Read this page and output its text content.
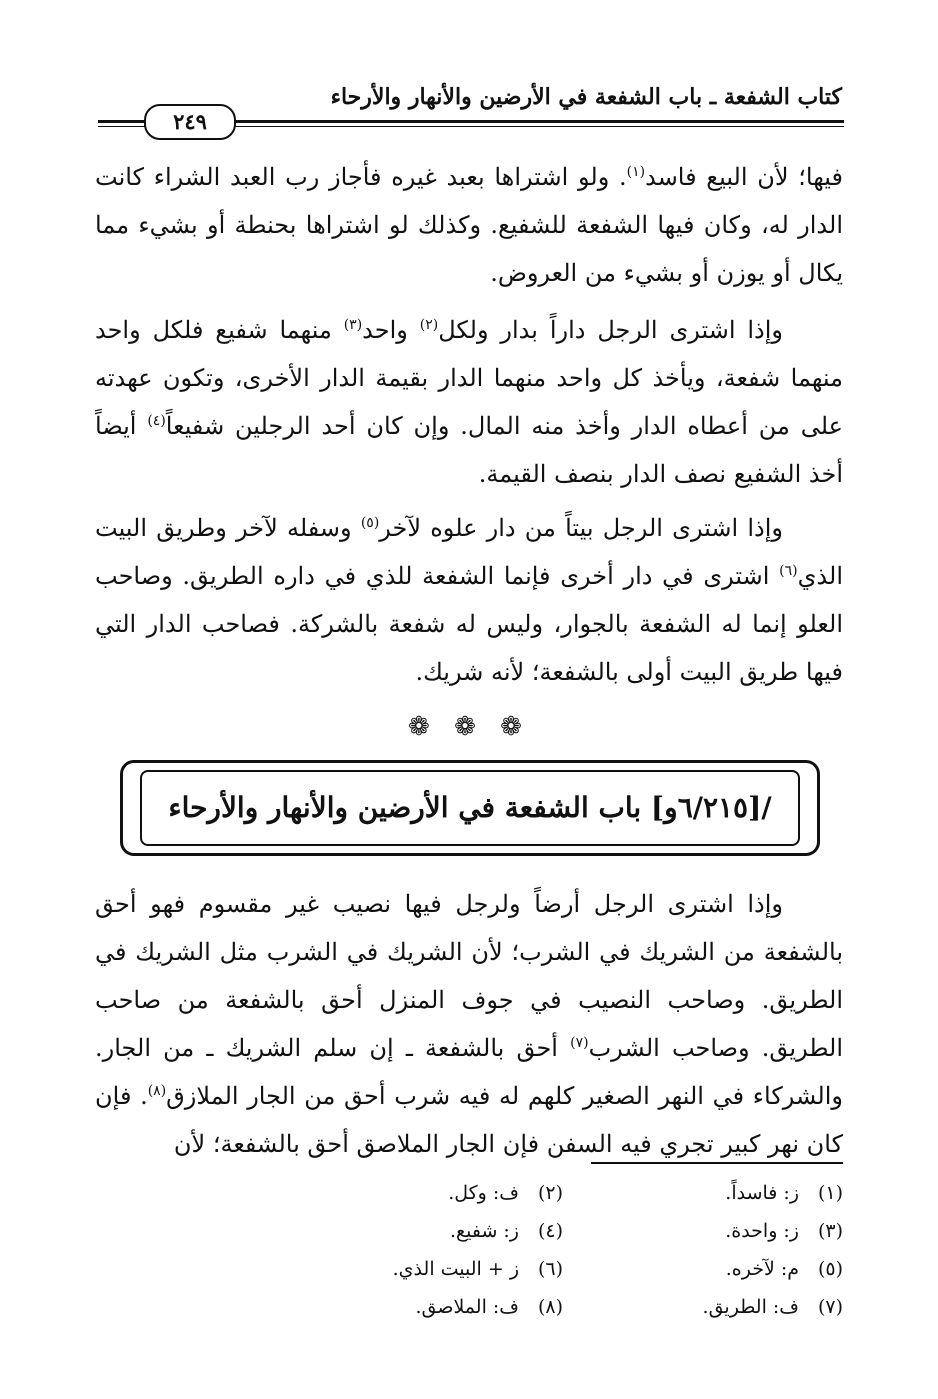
كتاب الشفعة ـ باب الشفعة في الأرضين والأنهار والأرحاء
٢٤٩
فيها؛ لأن البيع فاسد$^{(١)}$. ولو اشتراها بعبد غيره فأجاز رب العبد الشراء كانت الدار له، وكان فيها الشفعة للشفيع. وكذلك لو اشتراها بحنطة أو بشيء مما يكال أو يوزن أو بشيء من العروض.
وإذا اشترى الرجل داراً بدار ولكل$^{(٢)}$ واحد$^{(٣)}$ منهما شفيع فلكل واحد منهما شفعة، ويأخذ كل واحد منهما الدار بقيمة الدار الأخرى، وتكون عهدته على من أعطاه الدار وأخذ منه المال. وإن كان أحد الرجلين شفيعاً$^{(٤)}$ أيضاً أخذ الشفيع نصف الدار بنصف القيمة.
وإذا اشترى الرجل بيتاً من دار علوه لآخر$^{(٥)}$ وسفله لآخر وطريق البيت الذي$^{(٦)}$ اشترى في دار أخرى فإنما الشفعة للذي في داره الطريق. وصاحب العلو إنما له الشفعة بالجوار، وليس له شفعة بالشركة. فصاحب الدار التي فيها طريق البيت أولى بالشفعة؛ لأنه شريك.
❁ ❁ ❁
/[٦/٢١٥و] باب الشفعة في الأرضين والأنهار والأرحاء
وإذا اشترى الرجل أرضاً ولرجل فيها نصيب غير مقسوم فهو أحق بالشفعة من الشريك في الشرب؛ لأن الشريك في الشرب مثل الشريك في الطريق. وصاحب النصيب في جوف المنزل أحق بالشفعة من صاحب الطريق. وصاحب الشرب$^{(٧)}$ أحق بالشفعة ـ إن سلم الشريك ـ من الجار. والشركاء في النهر الصغير كلهم له فيه شرب أحق من الجار الملازق$^{(٨)}$. فإن كان نهر كبير تجري فيه السفن فإن الجار الملاصق أحق بالشفعة؛ لأن
(١)ز: فاسداً.
(٢)ف: وكل.
(٣)ز: واحدة.
(٤)ز: شفيع.
(٥)م: لآخره.
(٦)ز + البيت الذي.
(٧)ف: الطريق.
(٨)ف: الملاصق.
